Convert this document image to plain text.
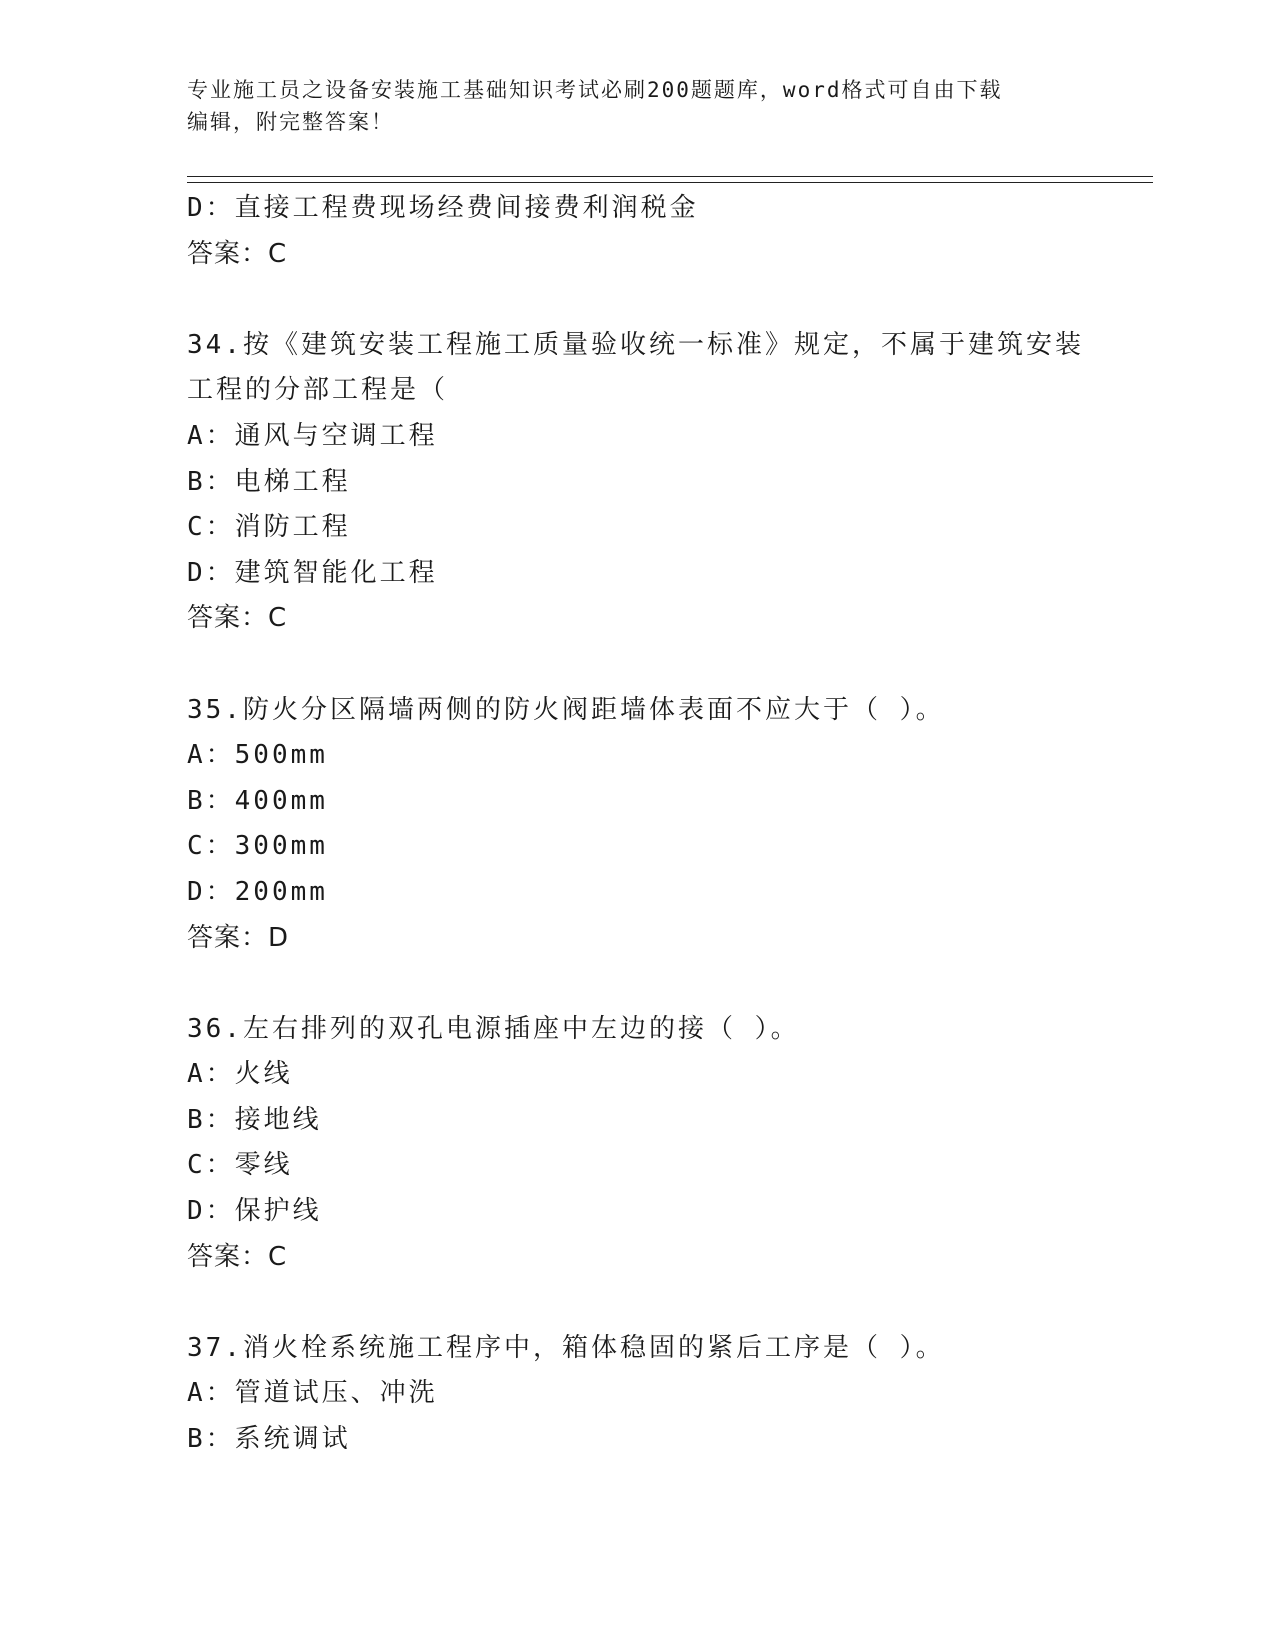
专业施工员之设备安装施工基础知识考试必刷200题题库，word格式可自由下载
编辑，附完整答案！
D：直接工程费现场经费间接费利润税金
答案：C
34.按《建筑安装工程施工质量验收统一标准》规定，不属于建筑安装
工程的分部工程是（
A：通风与空调工程
B：电梯工程
C：消防工程
D：建筑智能化工程
答案：C
35.防火分区隔墙两侧的防火阀距墙体表面不应大于（ ）。
A：500mm
B：400mm
C：300mm
D：200mm
答案：D
36.左右排列的双孔电源插座中左边的接（ ）。
A：火线
B：接地线
C：零线
D：保护线
答案：C
37.消火栓系统施工程序中，箱体稳固的紧后工序是（ ）。
A：管道试压、冲洗
B：系统调试
